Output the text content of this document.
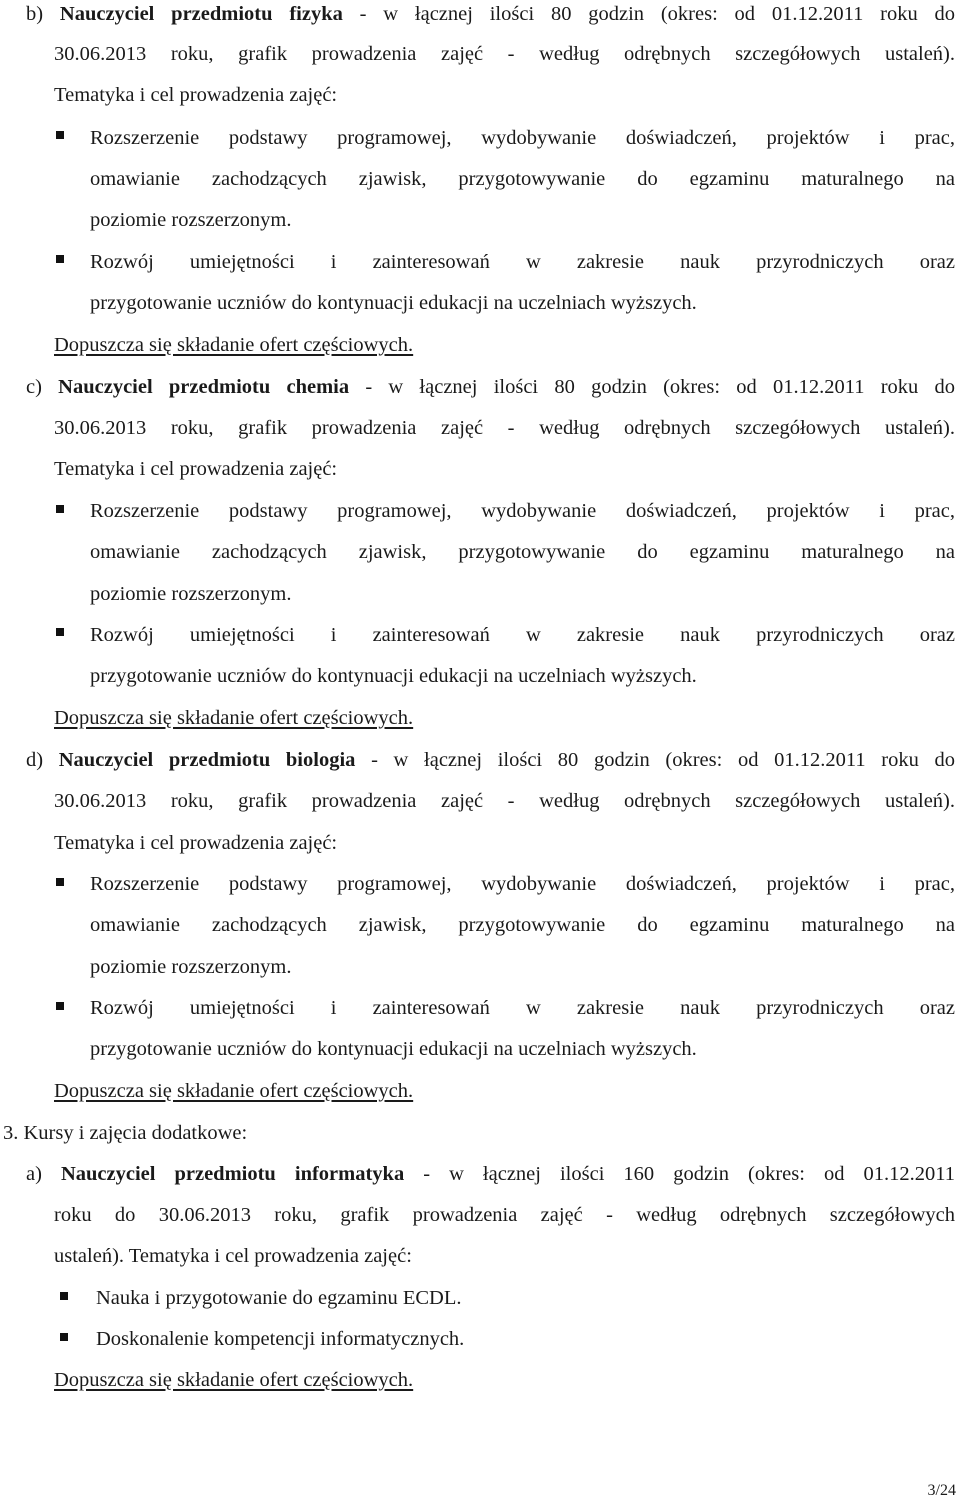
b) Nauczyciel przedmiotu fizyka - w łącznej ilości 80 godzin (okres: od 01.12.2011 roku do
30.06.2013 roku, grafik prowadzenia zajęć - według odrębnych szczegółowych ustaleń).
Tematyka i cel prowadzenia zajęć:
Rozszerzenie podstawy programowej, wydobywanie doświadczeń, projektów i prac,
omawianie zachodzących zjawisk, przygotowywanie do egzaminu maturalnego na
poziomie rozszerzonym.
Rozwój umiejętności i zainteresowań w zakresie nauk przyrodniczych oraz
przygotowanie uczniów do kontynuacji edukacji na uczelniach wyższych.
Dopuszcza się składanie ofert częściowych.
c) Nauczyciel przedmiotu chemia - w łącznej ilości 80 godzin (okres: od 01.12.2011 roku do
30.06.2013 roku, grafik prowadzenia zajęć - według odrębnych szczegółowych ustaleń).
Tematyka i cel prowadzenia zajęć:
Rozszerzenie podstawy programowej, wydobywanie doświadczeń, projektów i prac,
omawianie zachodzących zjawisk, przygotowywanie do egzaminu maturalnego na
poziomie rozszerzonym.
Rozwój umiejętności i zainteresowań w zakresie nauk przyrodniczych oraz
przygotowanie uczniów do kontynuacji edukacji na uczelniach wyższych.
Dopuszcza się składanie ofert częściowych.
d) Nauczyciel przedmiotu biologia - w łącznej ilości 80 godzin (okres: od 01.12.2011 roku do
30.06.2013 roku, grafik prowadzenia zajęć - według odrębnych szczegółowych ustaleń).
Tematyka i cel prowadzenia zajęć:
Rozszerzenie podstawy programowej, wydobywanie doświadczeń, projektów i prac,
omawianie zachodzących zjawisk, przygotowywanie do egzaminu maturalnego na
poziomie rozszerzonym.
Rozwój umiejętności i zainteresowań w zakresie nauk przyrodniczych oraz
przygotowanie uczniów do kontynuacji edukacji na uczelniach wyższych.
Dopuszcza się składanie ofert częściowych.
3. Kursy i zajęcia dodatkowe:
a) Nauczyciel przedmiotu informatyka - w łącznej ilości 160 godzin (okres: od 01.12.2011
roku do 30.06.2013 roku, grafik prowadzenia zajęć - według odrębnych szczegółowych
ustaleń). Tematyka i cel prowadzenia zajęć:
Nauka i przygotowanie do egzaminu ECDL.
Doskonalenie kompetencji informatycznych.
Dopuszcza się składanie ofert częściowych.
3/24
